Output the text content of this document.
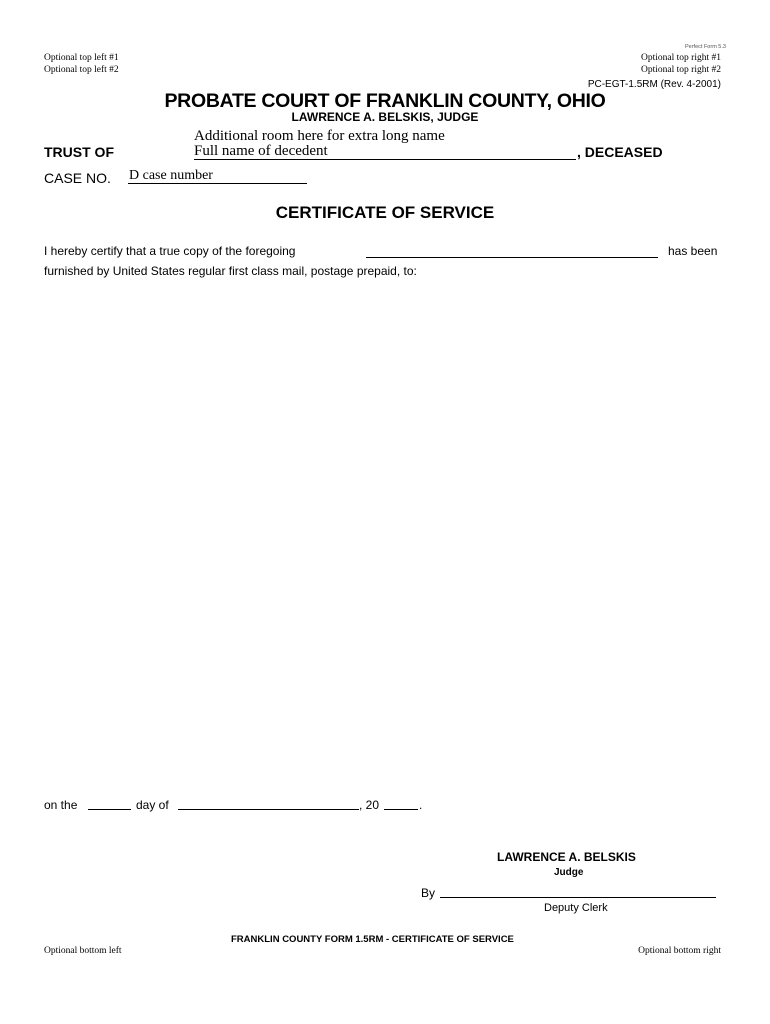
Perfect Form 5.3
Optional top left #1
Optional top left #2
Optional top right #1
Optional top right #2
PC-EGT-1.5RM (Rev. 4-2001)
PROBATE COURT OF FRANKLIN COUNTY, OHIO
LAWRENCE A. BELSKIS, JUDGE
Additional room here for extra long name
TRUST OF	Full name of decedent	, DECEASED
CASE NO. D case number
CERTIFICATE OF SERVICE
I hereby certify that a true copy of the foregoing	has been
furnished by United States regular first class mail, postage prepaid, to:
on the	day of	, 20	.
LAWRENCE A. BELSKIS
Judge
By
Deputy Clerk
FRANKLIN COUNTY FORM 1.5RM - CERTIFICATE OF SERVICE
Optional bottom left	Optional bottom right
